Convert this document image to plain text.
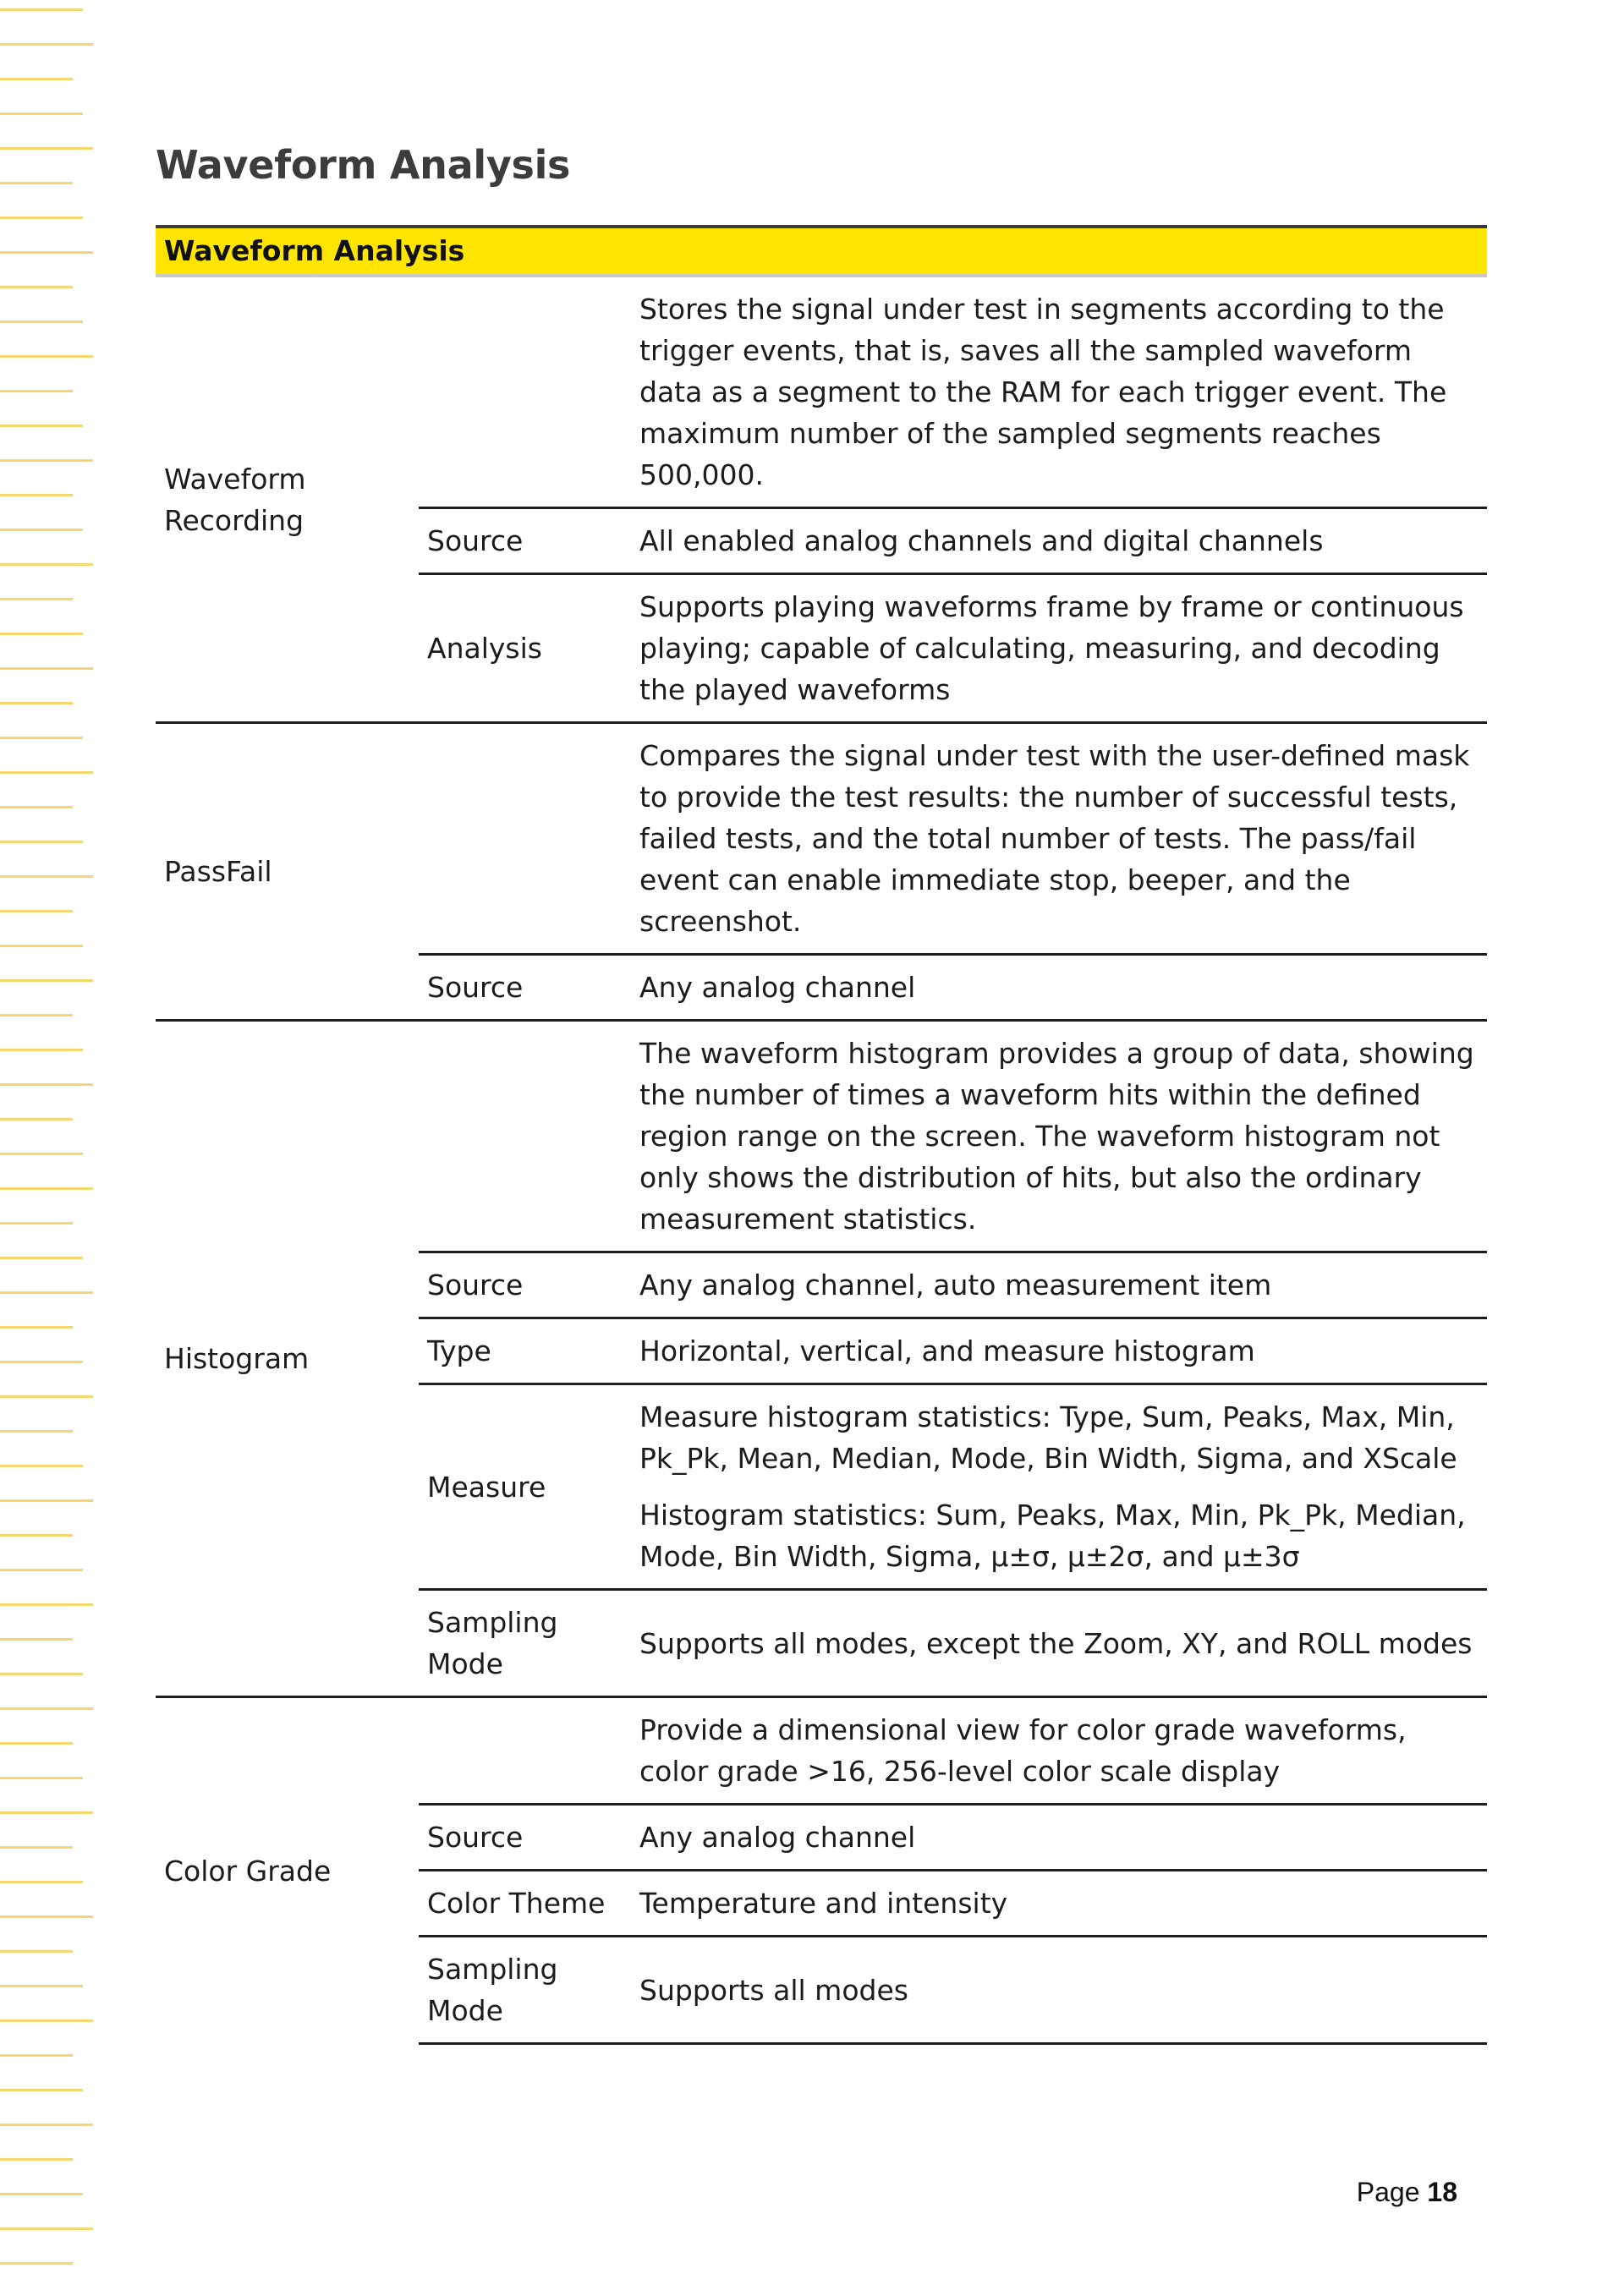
Waveform Analysis
Waveform Analysis		
Waveform Recording		Stores the signal under test in segments according to the trigger events, that is, saves all the sampled waveform data as a segment to the RAM for each trigger event. The maximum number of the sampled segments reaches 500,000.

	Source	All enabled analog channels and digital channels

	Analysis	Supports playing waveforms frame by frame or continuous playing; capable of calculating, measuring, and decoding the played waveforms

PassFail		Compares the signal under test with the user-defined mask to provide the test results: the number of successful tests, failed tests, and the total number of tests. The pass/fail event can enable immediate stop, beeper, and the screenshot.

	Source	Any analog channel

Histogram		The waveform histogram provides a group of data, showing the number of times a waveform hits within the defined region range on the screen. The waveform histogram not only shows the distribution of hits, but also the ordinary measurement statistics.

	Source	Any analog channel, auto measurement item

	Type	Horizontal, vertical, and measure histogram

	Measure	Measure histogram statistics: Type, Sum, Peaks, Max, Min, Pk_Pk, Mean, Median, Mode, Bin Width, Sigma, and XScale
Histogram statistics: Sum, Peaks, Max, Min, Pk_Pk, Median, Mode, Bin Width, Sigma, μ±σ, μ±2σ, and μ±3σ

	Sampling Mode	Supports all modes, except the Zoom, XY, and ROLL modes

Color Grade		Provide a dimensional view for color grade waveforms, color grade >16, 256-level color scale display

	Source	Any analog channel

	Color Theme	Temperature and intensity

	Sampling Mode	Supports all modes
Page 18
